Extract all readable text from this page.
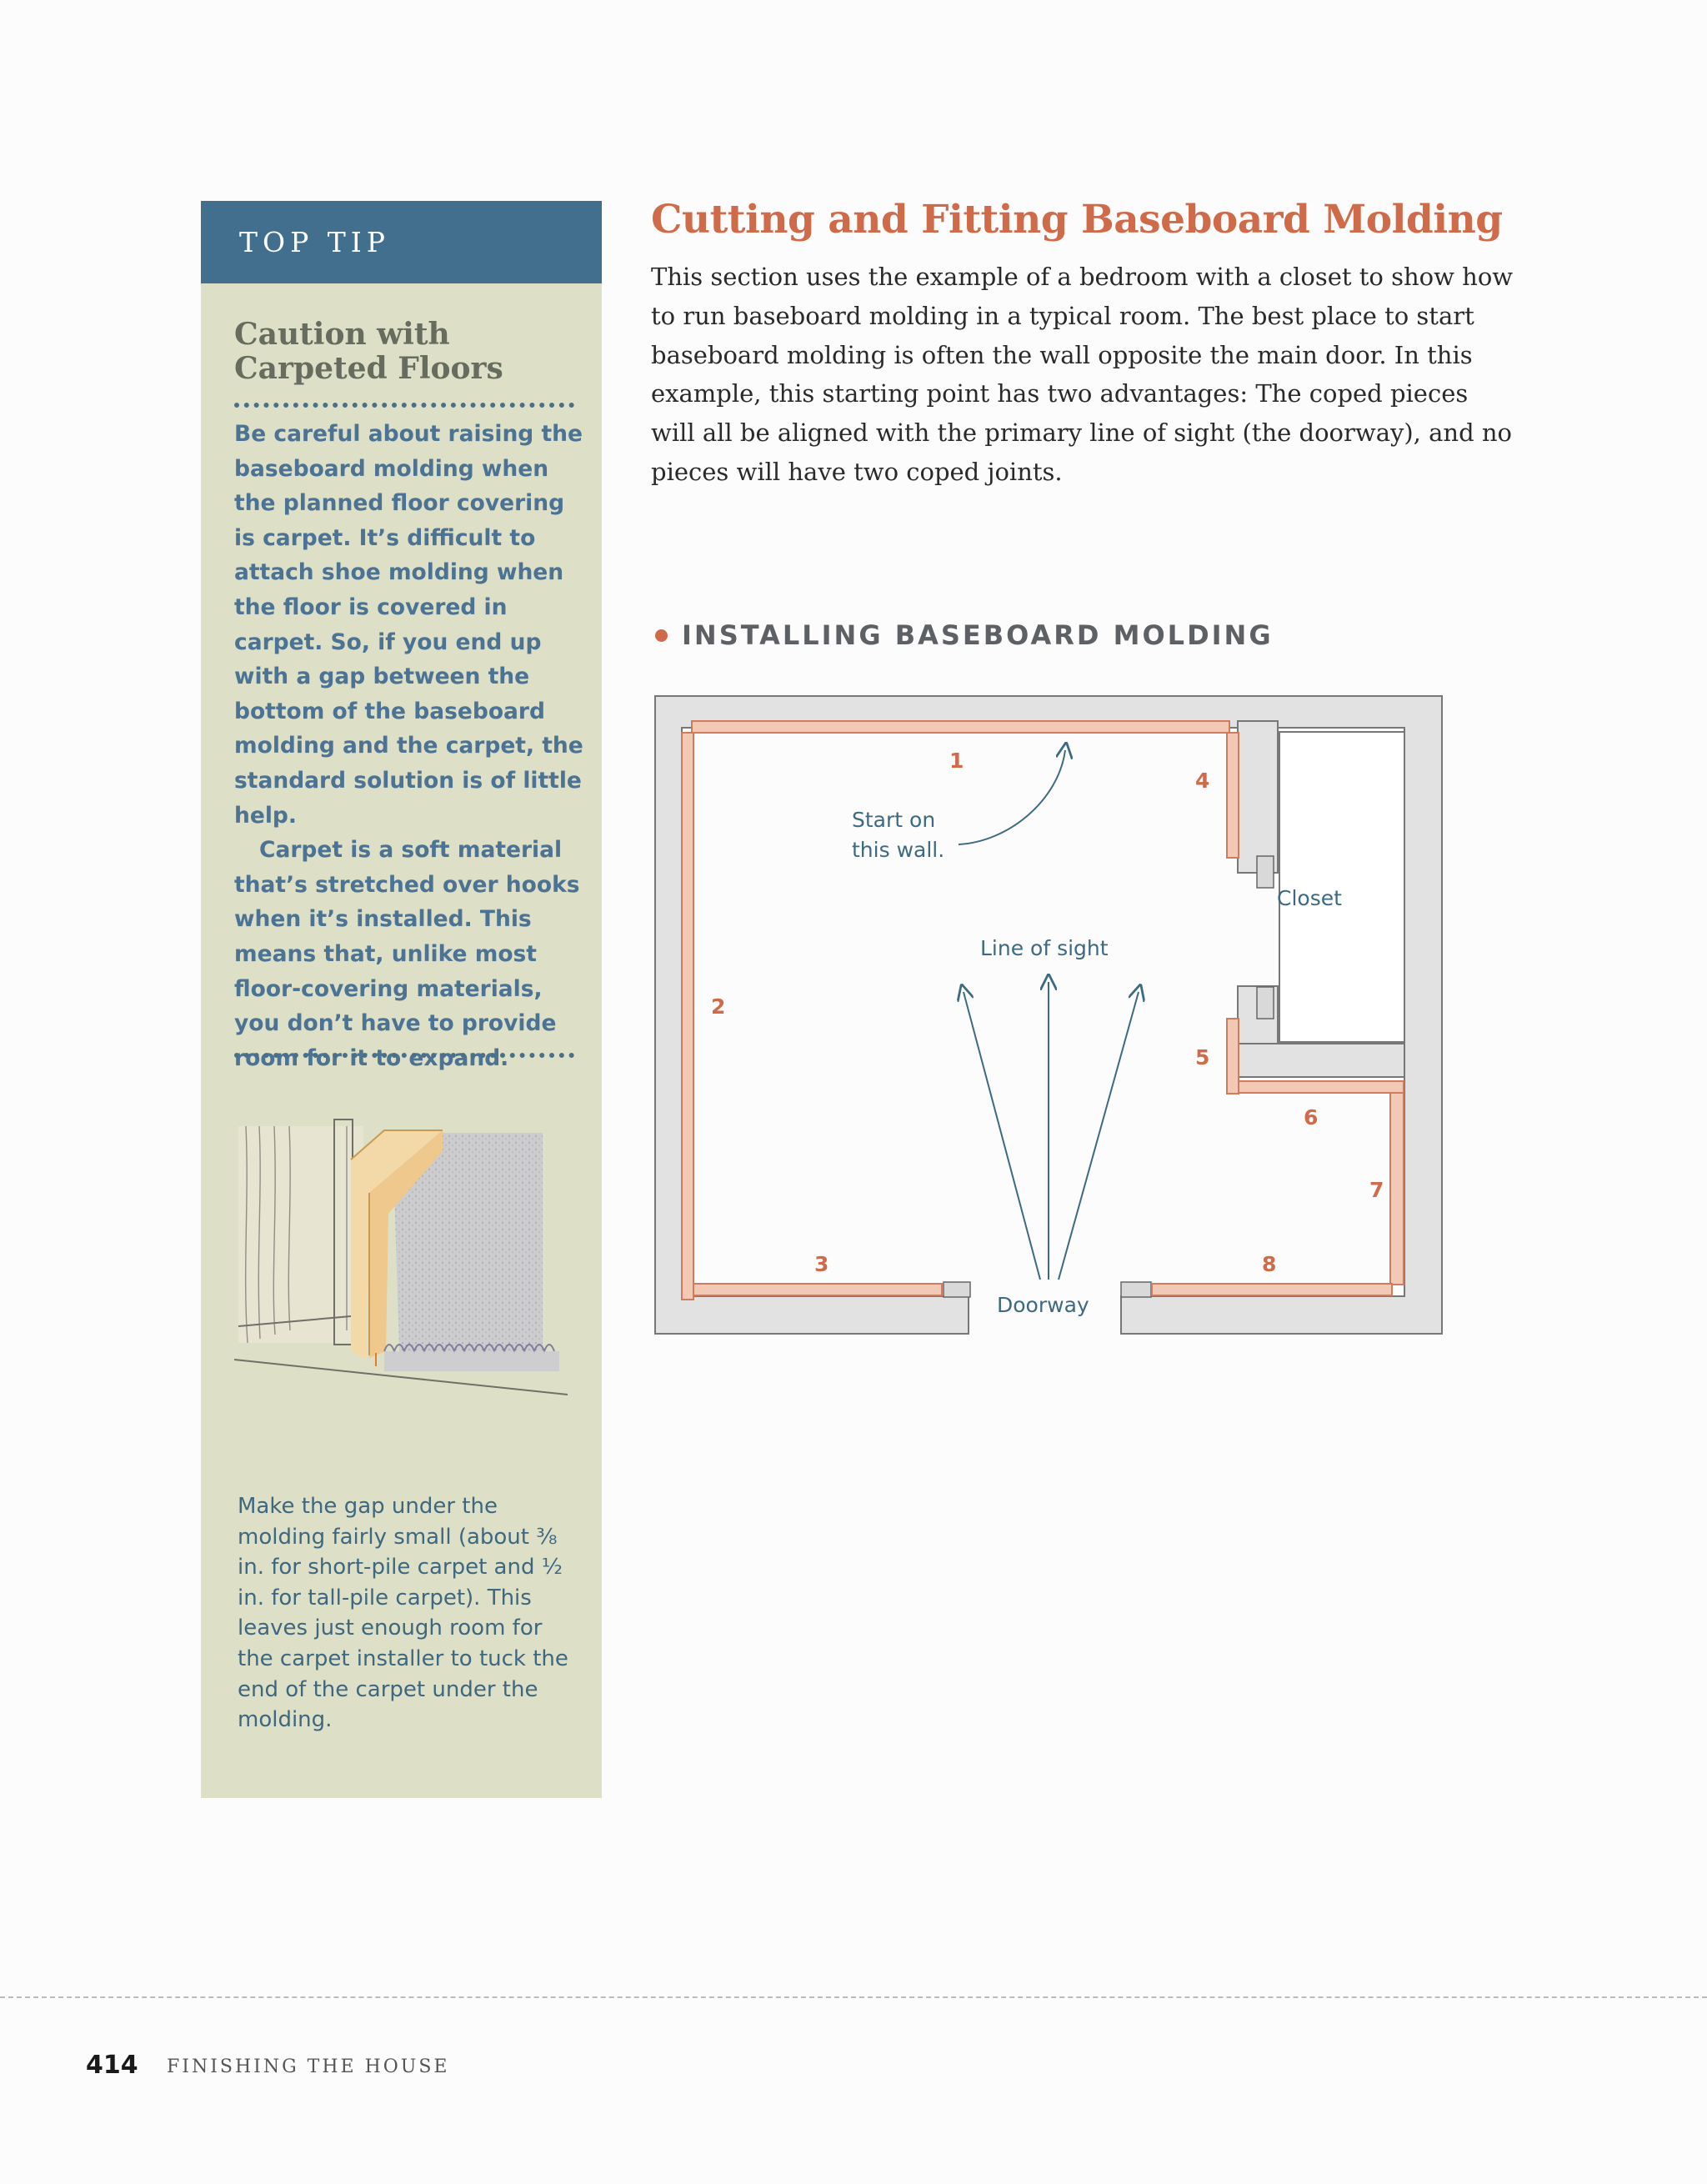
TOP TIP
Caution with Carpeted Floors

Be careful about raising the baseboard molding when the planned floor covering is carpet. It’s difficult to attach shoe molding when the floor is covered in carpet. So, if you end up with a gap between the bottom of the baseboard molding and the carpet, the standard solution is of little help.

Carpet is a soft material that’s stretched over hooks when it’s installed. This means that, unlike most floor-covering materials, you don’t have to provide room for it to expand.

Make the gap under the molding fairly small (about ⅜ in. for short-pile carpet and ½ in. for tall-pile carpet). This leaves just enough room for the carpet installer to tuck the end of the carpet under the molding.

Cutting and Fitting Baseboard Molding

This section uses the example of a bedroom with a closet to show how to run baseboard molding in a typical room. The best place to start baseboard molding is often the wall opposite the main door. In this example, this starting point has two advantages: The coped pieces will all be aligned with the primary line of sight (the doorway), and no pieces will have two coped joints.

INSTALLING BASEBOARD MOLDING
1
2
3
4
5
6
7
8
Start on
this wall.
Closet
Line of sight
Doorway
414 FINISHING THE HOUSE
